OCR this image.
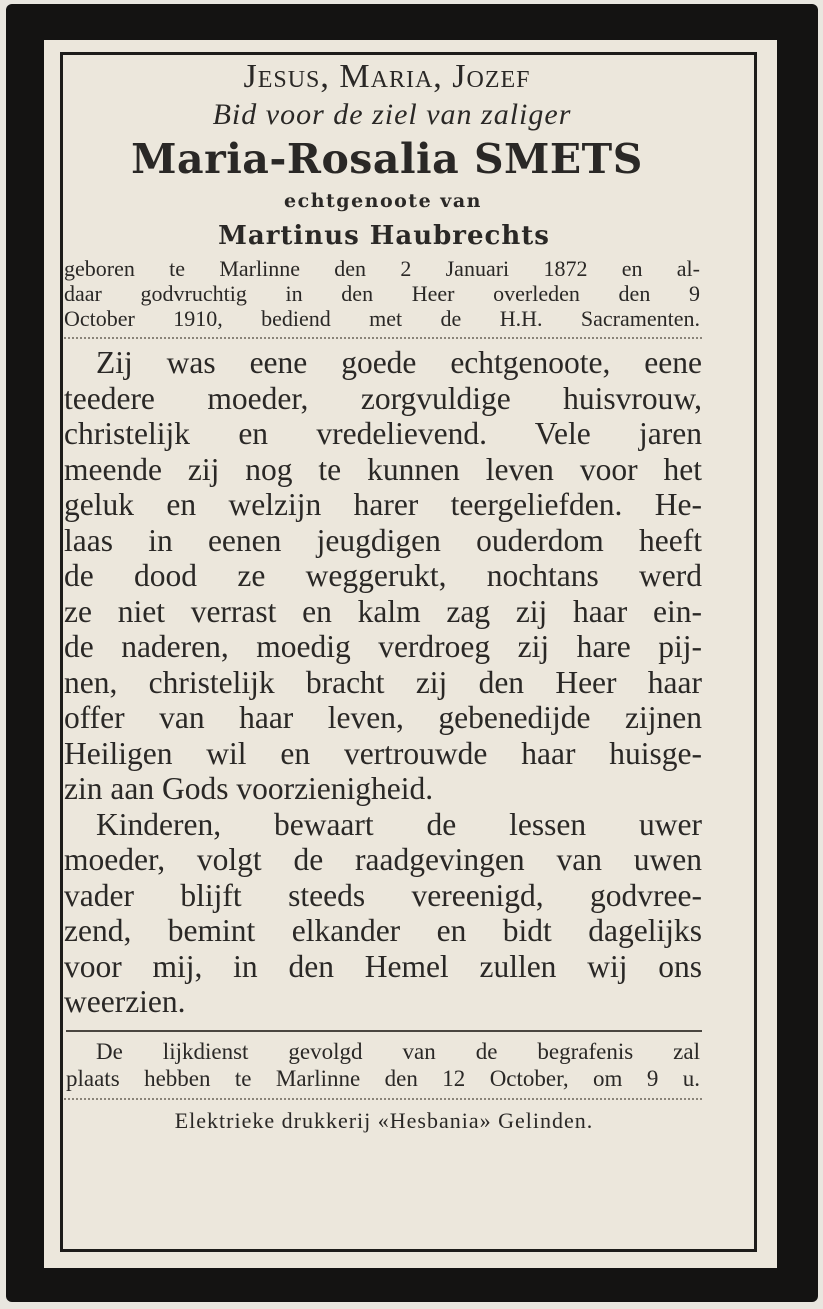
Jesus, Maria, Jozef
Bid voor de ziel van zaliger
Maria-Rosalia SMETS
echtgenoote van
Martinus Haubrechts
geboren te Marlinne den 2 Januari 1872 en al-
daar godvruchtig in den Heer overleden den 9
October 1910, bediend met de H.H. Sacramenten.
Zij was eene goede echtgenoote, eene
teedere moeder, zorgvuldige huisvrouw,
christelijk en vredelievend. Vele jaren
meende zij nog te kunnen leven voor het
geluk en welzijn harer teergeliefden. He-
laas in eenen jeugdigen ouderdom heeft
de dood ze weggerukt, nochtans werd
ze niet verrast en kalm zag zij haar ein-
de naderen, moedig verdroeg zij hare pij-
nen, christelijk bracht zij den Heer haar
offer van haar leven, gebenedijde zijnen
Heiligen wil en vertrouwde haar huisge-
zin aan Gods voorzienigheid.
Kinderen, bewaart de lessen uwer
moeder, volgt de raadgevingen van uwen
vader blijft steeds vereenigd, godvree-
zend, bemint elkander en bidt dagelijks
voor mij, in den Hemel zullen wij ons
weerzien.
De lijkdienst gevolgd van de begrafenis zal
plaats hebben te Marlinne den 12 October, om 9 u.
Elektrieke drukkerij «Hesbania» Gelinden.
